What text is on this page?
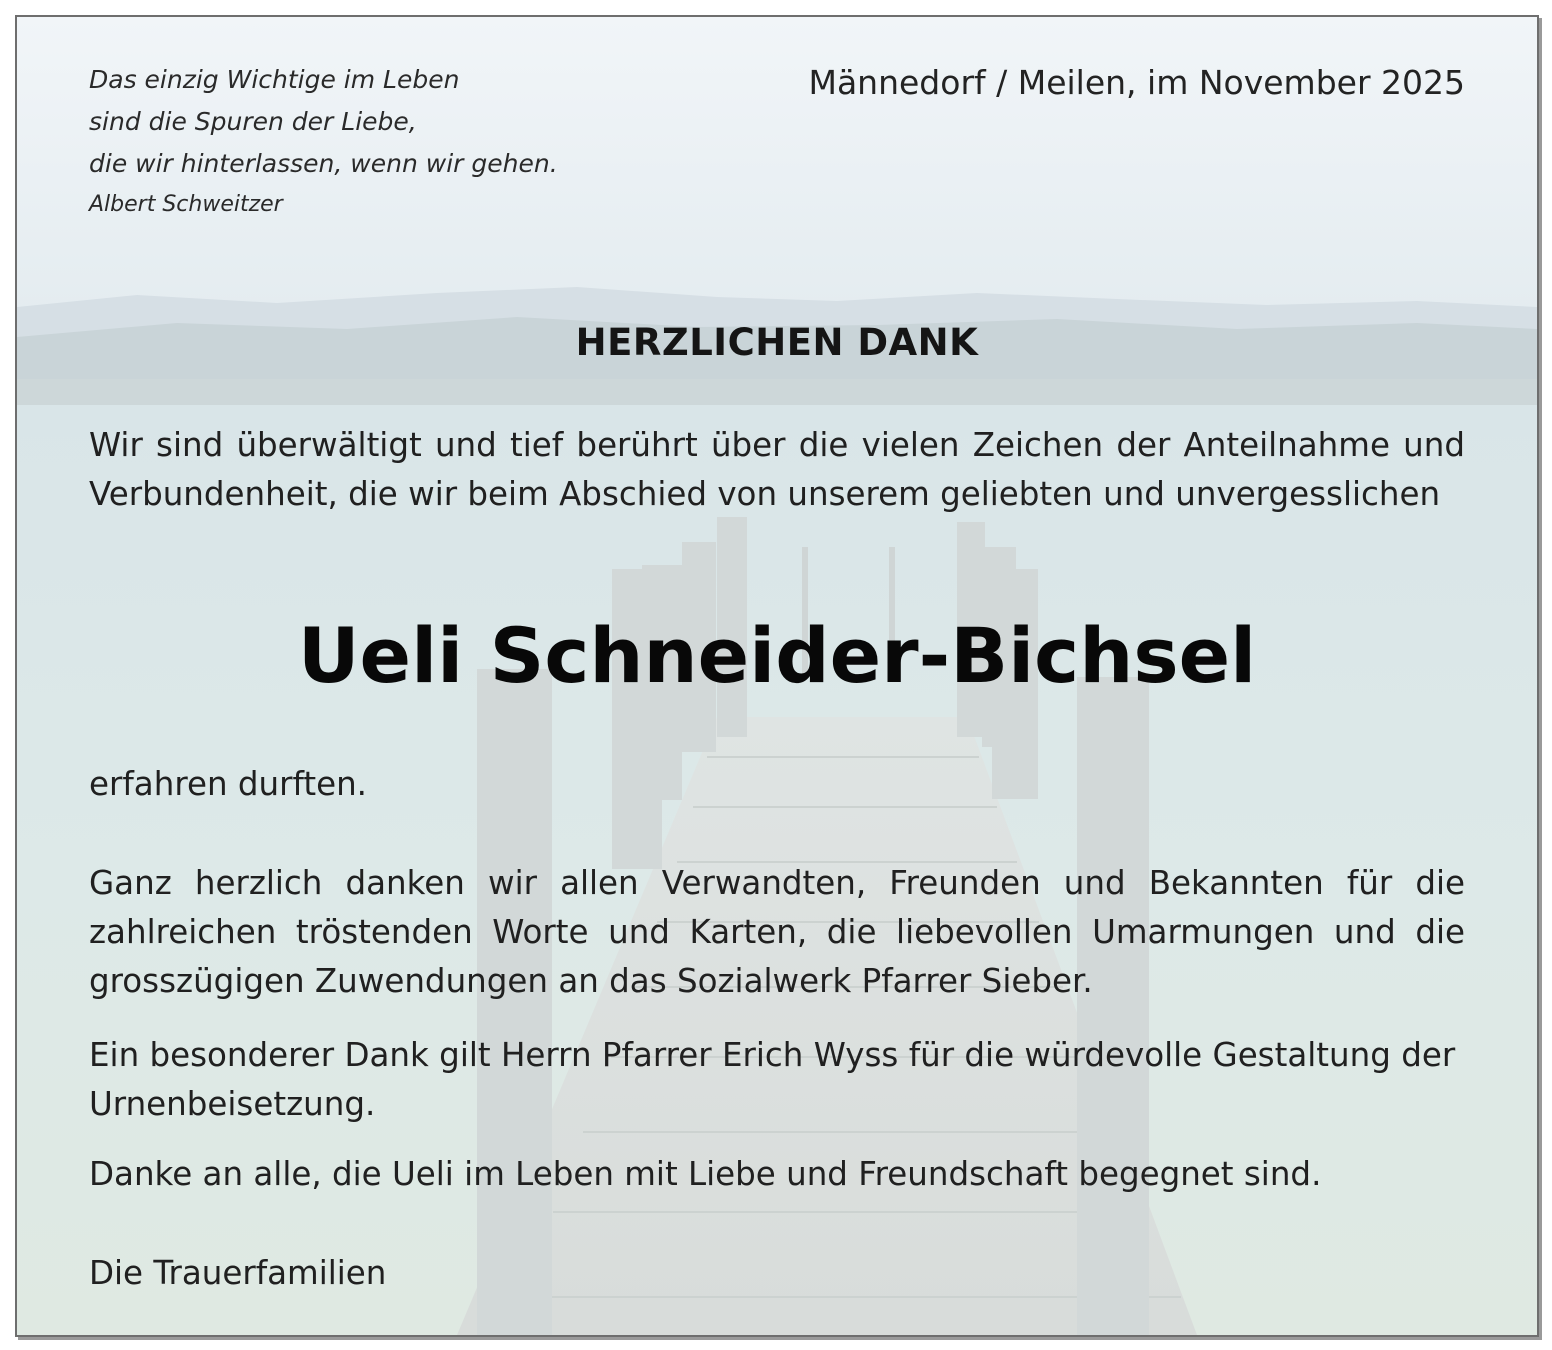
Das einzig Wichtige im Leben
sind die Spuren der Liebe,
die wir hinterlassen, wenn wir gehen.
Albert Schweitzer

Männedorf / Meilen, im November 2025

HERZLICHEN DANK

Wir sind überwältigt und tief berührt über die vielen Zeichen der Anteilnahme und Verbundenheit, die wir beim Abschied von unserem geliebten und unvergesslichen

Ueli Schneider-Bichsel

erfahren durften.

Ganz herzlich danken wir allen Verwandten, Freunden und Bekannten für die zahlreichen tröstenden Worte und Karten, die liebevollen Umarmungen und die grosszügigen Zuwendungen an das Sozialwerk Pfarrer Sieber.

Ein besonderer Dank gilt Herrn Pfarrer Erich Wyss für die würdevolle Gestaltung der Urnenbeisetzung.

Danke an alle, die Ueli im Leben mit Liebe und Freundschaft begegnet sind.

Die Trauerfamilien
